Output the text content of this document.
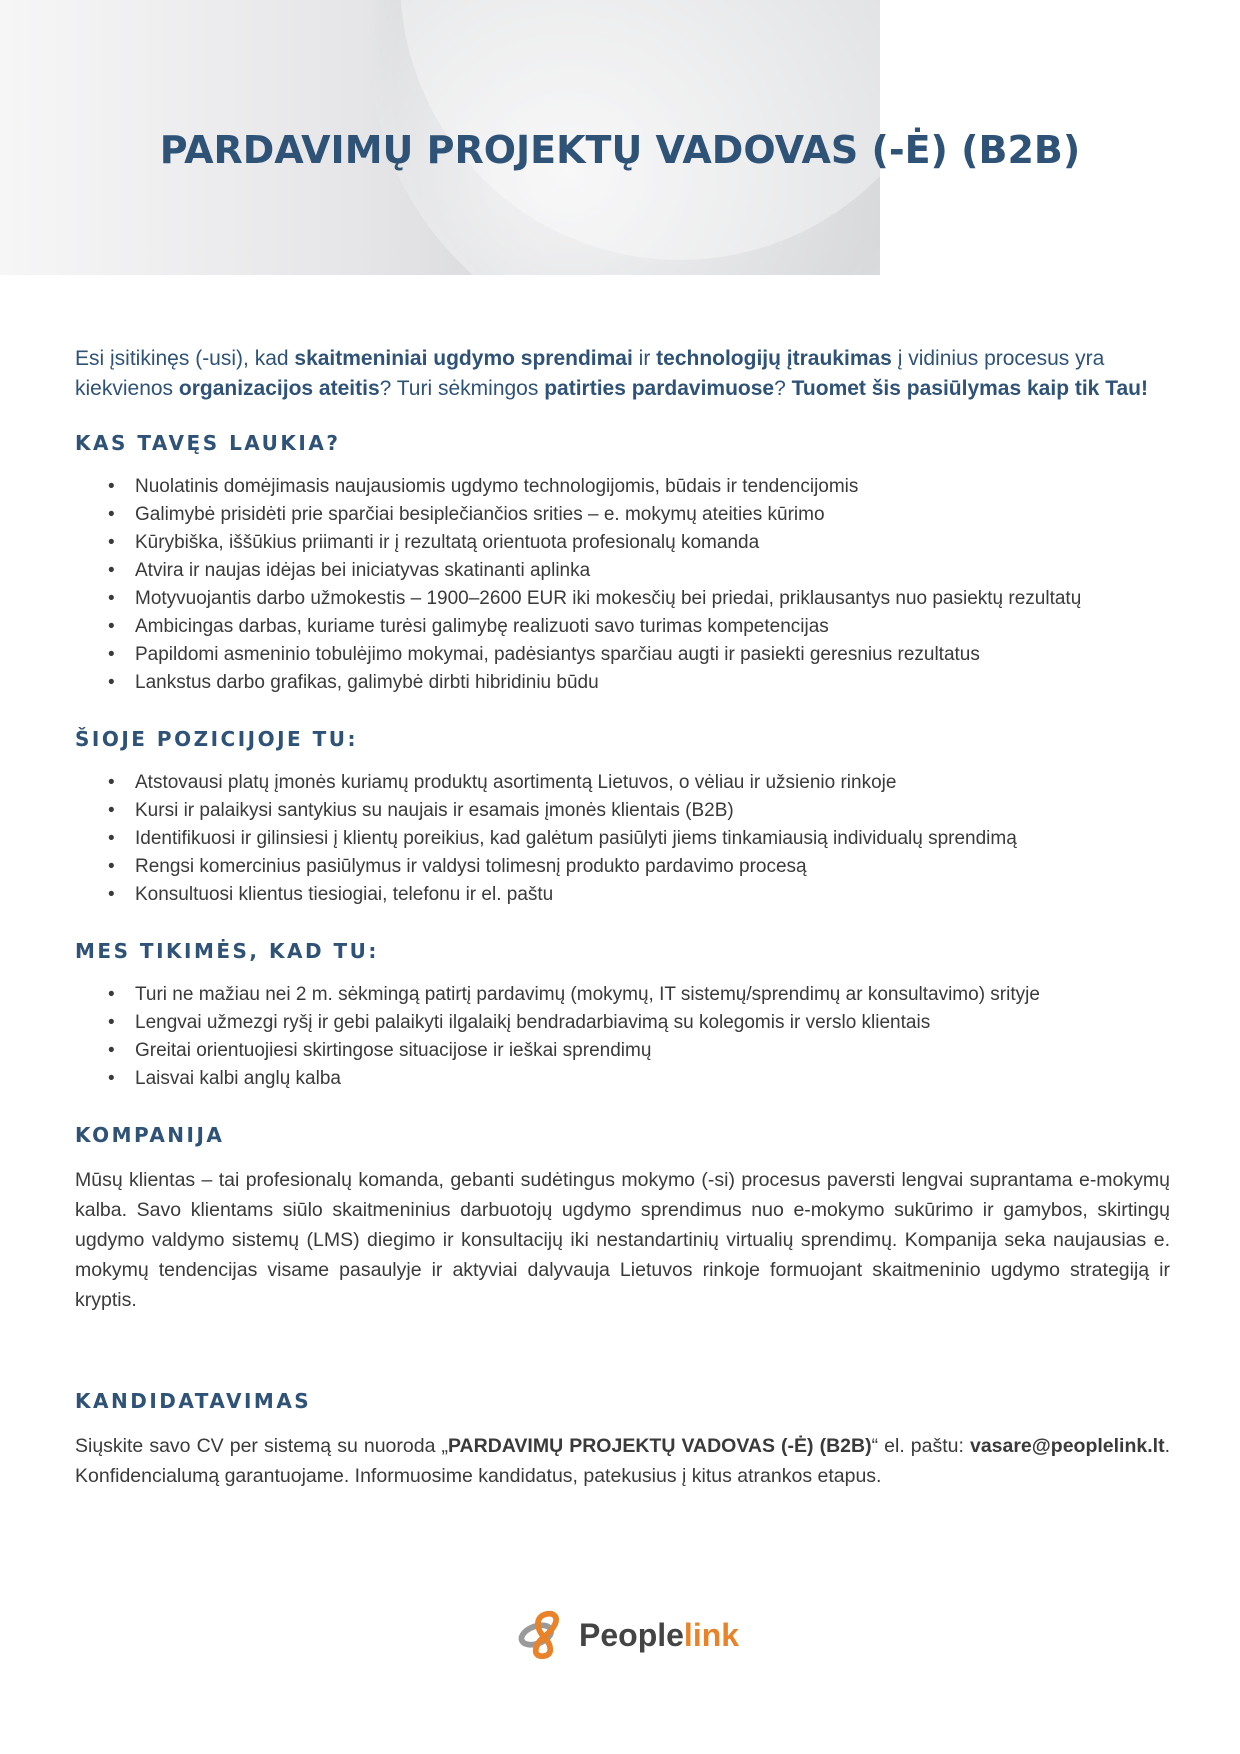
PARDAVIMŲ PROJEKTŲ VADOVAS (-Ė) (B2B)

Esi įsitikinęs (-usi), kad skaitmeniniai ugdymo sprendimai ir technologijų įtraukimas į vidinius procesus yra kiekvienos organizacijos ateitis? Turi sėkmingos patirties pardavimuose? Tuomet šis pasiūlymas kaip tik Tau!

KAS TAVĘS LAUKIA?
• Nuolatinis domėjimasis naujausiomis ugdymo technologijomis, būdais ir tendencijomis
• Galimybė prisidėti prie sparčiai besiplečiančios srities – e. mokymų ateities kūrimo
• Kūrybiška, iššūkius priimanti ir į rezultatą orientuota profesionalų komanda
• Atvira ir naujas idėjas bei iniciatyvas skatinanti aplinka
• Motyvuojantis darbo užmokestis – 1900–2600 EUR iki mokesčių bei priedai, priklausantys nuo pasiektų rezultatų
• Ambicingas darbas, kuriame turėsi galimybę realizuoti savo turimas kompetencijas
• Papildomi asmeninio tobulėjimo mokymai, padėsiantys sparčiau augti ir pasiekti geresnius rezultatus
• Lankstus darbo grafikas, galimybė dirbti hibridiniu būdu
ŠIOJE POZICIJOJE TU:
• Atstovausi platų įmonės kuriamų produktų asortimentą Lietuvos, o vėliau ir užsienio rinkoje
• Kursi ir palaikysi santykius su naujais ir esamais įmonės klientais (B2B)
• Identifikuosi ir gilinsiesi į klientų poreikius, kad galėtum pasiūlyti jiems tinkamiausią individualų sprendimą
• Rengsi komercinius pasiūlymus ir valdysi tolimesnį produkto pardavimo procesą
• Konsultuosi klientus tiesiogiai, telefonu ir el. paštu
MES TIKIMĖS, KAD TU:
• Turi ne mažiau nei 2 m. sėkmingą patirtį pardavimų (mokymų, IT sistemų/sprendimų ar konsultavimo) srityje
• Lengvai užmezgi ryšį ir gebi palaikyti ilgalaikį bendradarbiavimą su kolegomis ir verslo klientais
• Greitai orientuojiesi skirtingose situacijose ir ieškai sprendimų
• Laisvai kalbi anglų kalba
KOMPANIJA

Mūsų klientas – tai profesionalų komanda, gebanti sudėtingus mokymo (-si) procesus paversti lengvai suprantama e-mokymų kalba. Savo klientams siūlo skaitmeninius darbuotojų ugdymo sprendimus nuo e-mokymo sukūrimo ir gamybos, skirtingų ugdymo valdymo sistemų (LMS) diegimo ir konsultacijų iki nestandartinių virtualių sprendimų. Kompanija seka naujausias e. mokymų tendencijas visame pasaulyje ir aktyviai dalyvauja Lietuvos rinkoje formuojant skaitmeninio ugdymo strategiją ir kryptis.

KANDIDATAVIMAS

Siųskite savo CV per sistemą su nuoroda „PARDAVIMŲ PROJEKTŲ VADOVAS (-Ė) (B2B)“ el. paštu: vasare@peoplelink.lt. Konfidencialumą garantuojame. Informuosime kandidatus, patekusius į kitus atrankos etapus.

People link
